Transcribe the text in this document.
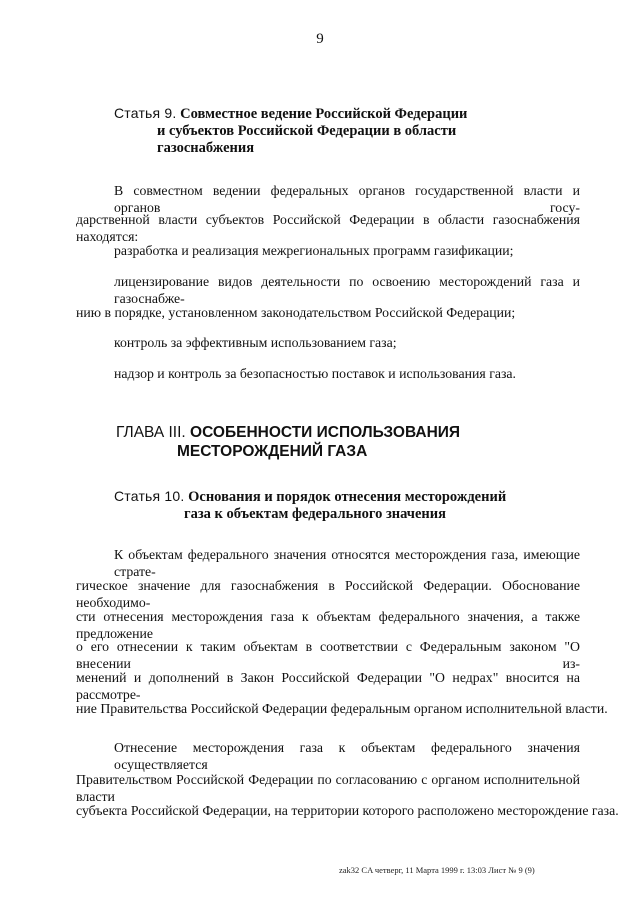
9
Статья 9. Совместное ведение Российской Федерации
и субъектов Российской Федерации в области
газоснабжения
В совместном ведении федеральных органов государственной власти и органов госу-
дарственной власти субъектов Российской Федерации в области газоснабжения находятся:
разработка и реализация межрегиональных программ газификации;
лицензирование видов деятельности по освоению месторождений газа и газоснабже-
нию в порядке, установленном законодательством Российской Федерации;
контроль за эффективным использованием газа;
надзор и контроль за безопасностью поставок и использования газа.
ГЛАВА III. ОСОБЕННОСТИ ИСПОЛЬЗОВАНИЯ
МЕСТОРОЖДЕНИЙ ГАЗА
Статья 10. Основания и порядок отнесения месторождений
газа к объектам федерального значения
К объектам федерального значения относятся месторождения газа, имеющие страте-
гическое значение для газоснабжения в Российской Федерации. Обоснование необходимо-
сти отнесения месторождения газа к объектам федерального значения, а также предложение
о его отнесении к таким объектам в соответствии с Федеральным законом "О внесении из-
менений и дополнений в Закон Российской Федерации "О недрах" вносится на рассмотре-
ние Правительства Российской Федерации федеральным органом исполнительной власти.
Отнесение месторождения газа к объектам федерального значения осуществляется
Правительством Российской Федерации по согласованию с органом исполнительной власти
субъекта Российской Федерации, на территории которого расположено месторождение газа.
zak32 CA четверг, 11 Марта 1999 г. 13:03 Лист № 9 (9)
